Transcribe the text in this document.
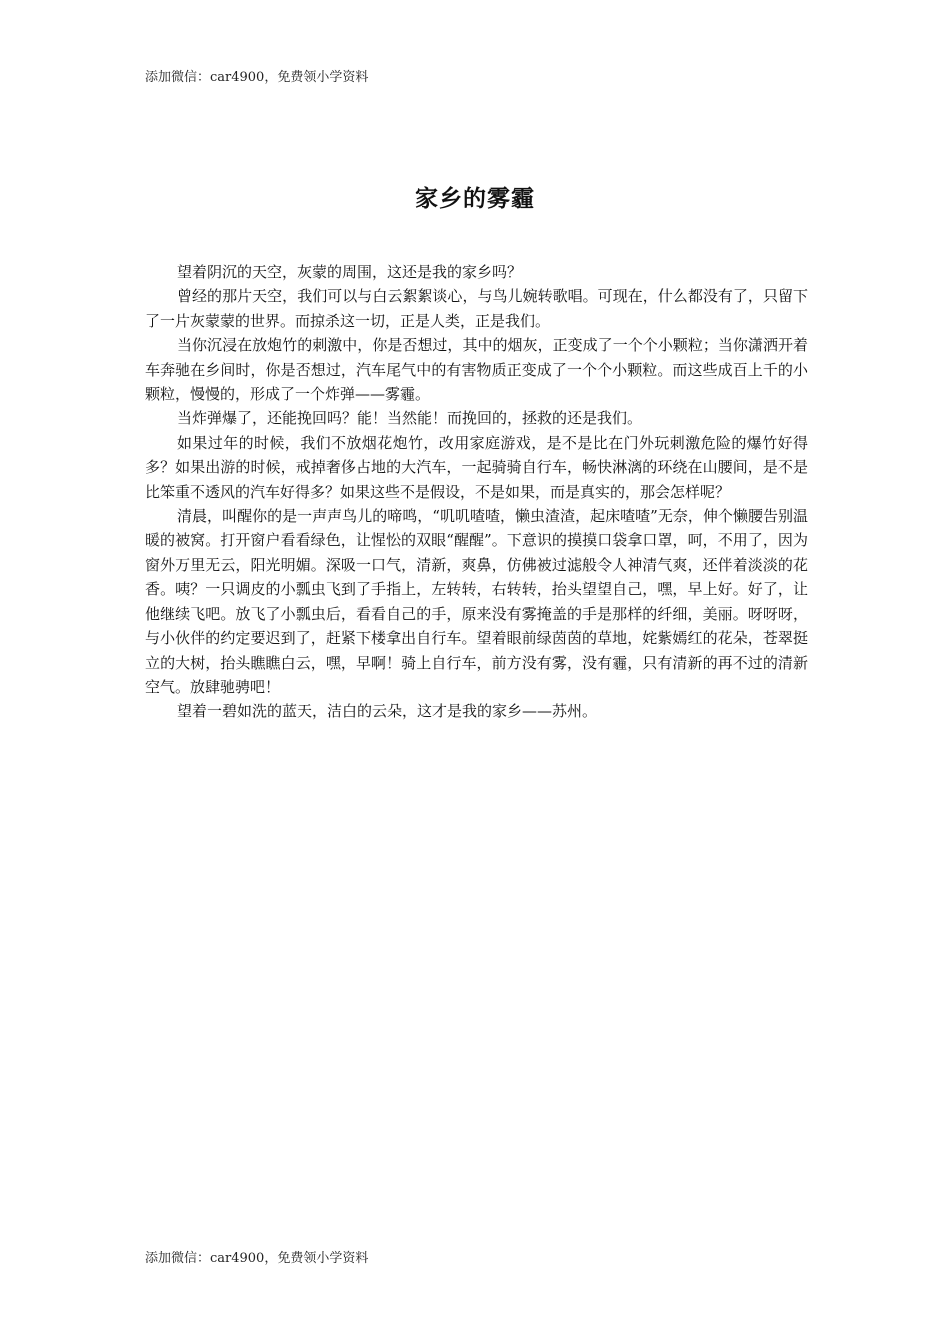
添加微信：car4900，免费领小学资料
家乡的雾霾

望着阴沉的天空，灰蒙的周围，这还是我的家乡吗？

曾经的那片天空，我们可以与白云絮絮谈心，与鸟儿婉转歌唱。可现在，什么都没有了，只留下了一片灰蒙蒙的世界。而掠杀这一切，正是人类，正是我们。

当你沉浸在放炮竹的刺激中，你是否想过，其中的烟灰，正变成了一个个小颗粒；当你潇洒开着车奔驰在乡间时，你是否想过，汽车尾气中的有害物质正变成了一个个小颗粒。而这些成百上千的小颗粒，慢慢的，形成了一个炸弹——雾霾。

当炸弹爆了，还能挽回吗？能！当然能！而挽回的，拯救的还是我们。

如果过年的时候，我们不放烟花炮竹，改用家庭游戏，是不是比在门外玩刺激危险的爆竹好得多？如果出游的时候，戒掉奢侈占地的大汽车，一起骑骑自行车，畅快淋漓的环绕在山腰间，是不是比笨重不透风的汽车好得多？如果这些不是假设，不是如果，而是真实的，那会怎样呢？

清晨，叫醒你的是一声声鸟儿的啼鸣，“叽叽喳喳，懒虫渣渣，起床喳喳”无奈，伸个懒腰告别温暖的被窝。打开窗户看看绿色，让惺忪的双眼“醒醒”。下意识的摸摸口袋拿口罩，呵，不用了，因为窗外万里无云，阳光明媚。深吸一口气，清新，爽鼻，仿佛被过滤般令人神清气爽，还伴着淡淡的花香。咦？一只调皮的小瓢虫飞到了手指上，左转转，右转转，抬头望望自己，嘿，早上好。好了，让他继续飞吧。放飞了小瓢虫后，看看自己的手，原来没有雾掩盖的手是那样的纤细，美丽。呀呀呀，与小伙伴的约定要迟到了，赶紧下楼拿出自行车。望着眼前绿茵茵的草地，姹紫嫣红的花朵，苍翠挺立的大树，抬头瞧瞧白云，嘿，早啊！骑上自行车，前方没有雾，没有霾，只有清新的再不过的清新空气。放肆驰骋吧！

望着一碧如洗的蓝天，洁白的云朵，这才是我的家乡——苏州。

添加微信：car4900，免费领小学资料
